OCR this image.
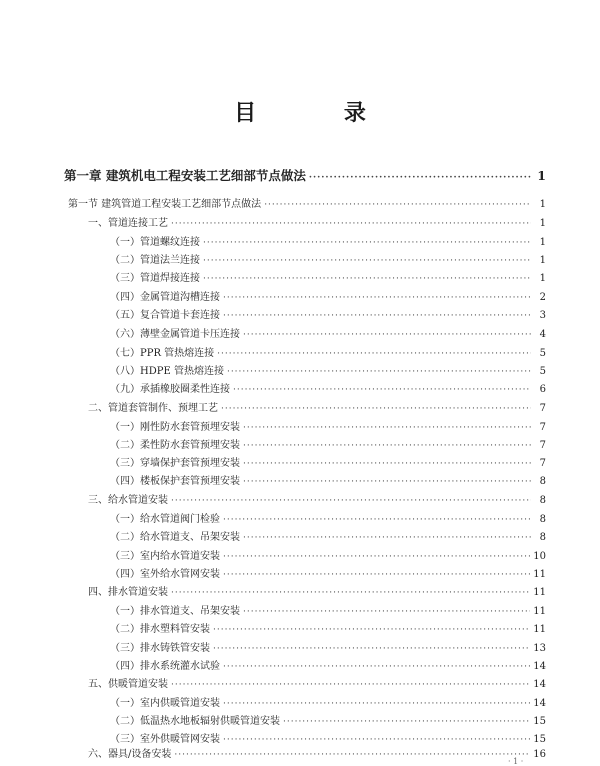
目 录
第一章 建筑机电工程安装工艺细部节点做法 ·····	1
第一节 建筑管道工程安装工艺细部节点做法 ·····	1
一、管道连接工艺 ·····	1
（一）管道螺纹连接 ·····	1
（二）管道法兰连接 ·····	1
（三）管道焊接连接 ·····	1
（四）金属管道沟槽连接 ·····	2
（五）复合管道卡套连接 ·····	3
（六）薄壁金属管道卡压连接 ·····	4
（七）PPR 管热熔连接 ·····	5
（八）HDPE 管热熔连接 ·····	5
（九）承插橡胶圈柔性连接 ·····	6
二、管道套管制作、预埋工艺 ·····	7
（一）刚性防水套管预埋安装 ·····	7
（二）柔性防水套管预埋安装 ·····	7
（三）穿墙保护套管预埋安装 ·····	7
（四）楼板保护套管预埋安装 ·····	8
三、给水管道安装 ·····	8
（一）给水管道阀门检验 ·····	8
（二）给水管道支、吊架安装 ·····	8
（三）室内给水管道安装 ·····	10
（四）室外给水管网安装 ·····	11
四、排水管道安装 ·····	11
（一）排水管道支、吊架安装 ·····	11
（二）排水塑料管安装 ·····	11
（三）排水铸铁管安装 ·····	13
（四）排水系统灌水试验 ·····	14
五、供暖管道安装 ·····	14
（一）室内供暖管道安装 ·····	14
（二）低温热水地板辐射供暖管道安装 ·····	15
（三）室外供暖管网安装 ·····	15
六、器具/设备安装 ·····	16
· 1 ·
